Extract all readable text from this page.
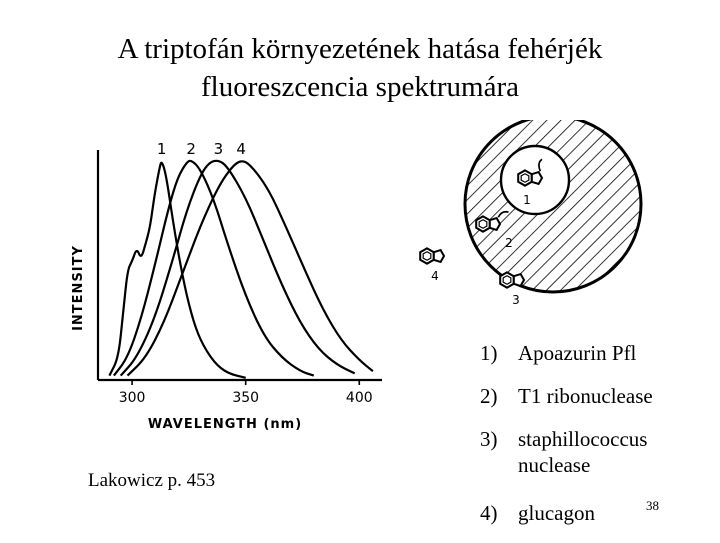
A triptofán környezetének hatása fehérjék
fluoreszcencia spektrumára
300	350	400
1 2 3 4
WAVELENGTH (nm)
INTENSITY
1
2
3
4
1) Apoazurin Pfl
2) T1 ribonuclease
3) staphillococcus nuclease
4) glucagon
Lakowicz p. 453
38
